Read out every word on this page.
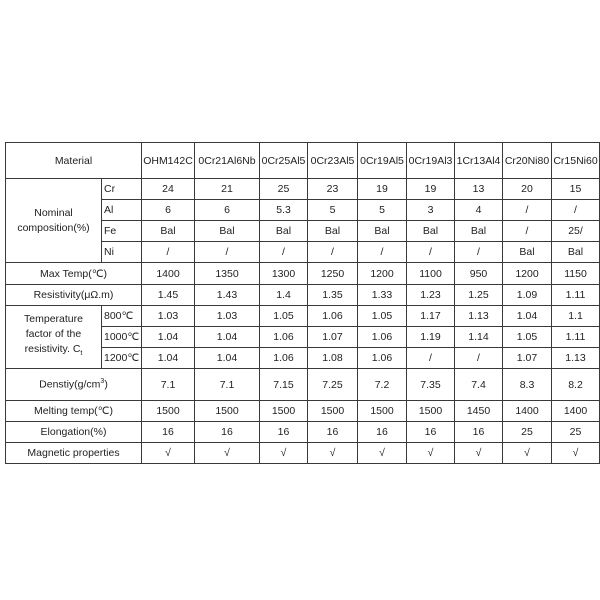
Material		OHM142C	0Cr21Al6Nb	0Cr25Al5	0Cr23Al5	0Cr19Al5	0Cr19Al3	1Cr13Al4	Cr20Ni80	Cr15Ni60
Nominal
composition(%)	Cr	24	21	25	23	19	19	13	20	15
	Al	6	6	5.3	5	5	3	4	/	/
	Fe	Bal	Bal	Bal	Bal	Bal	Bal	Bal	/	25/
	Ni	/	/	/	/	/	/	/	Bal	Bal
Max Temp(℃)		1400	1350	1300	1250	1200	1100	950	1200	1150
Resistivity(μΩ.m)		1.45	1.43	1.4	1.35	1.33	1.23	1.25	1.09	1.11
Temperature
factor of the
resistivity. $C_t$	800℃	1.03	1.03	1.05	1.06	1.05	1.17	1.13	1.04	1.1
	1000℃	1.04	1.04	1.06	1.07	1.06	1.19	1.14	1.05	1.11
	1200℃	1.04	1.04	1.06	1.08	1.06	/	/	1.07	1.13
$Denstiy(g/cm^3)$		7.1	7.1	7.15	7.25	7.2	7.35	7.4	8.3	8.2
Melting temp(℃)		1500	1500	1500	1500	1500	1500	1450	1400	1400
Elongation(%)		16	16	16	16	16	16	16	25	25
Magnetic properties		√	√	√	√	√	√	√	√	√
